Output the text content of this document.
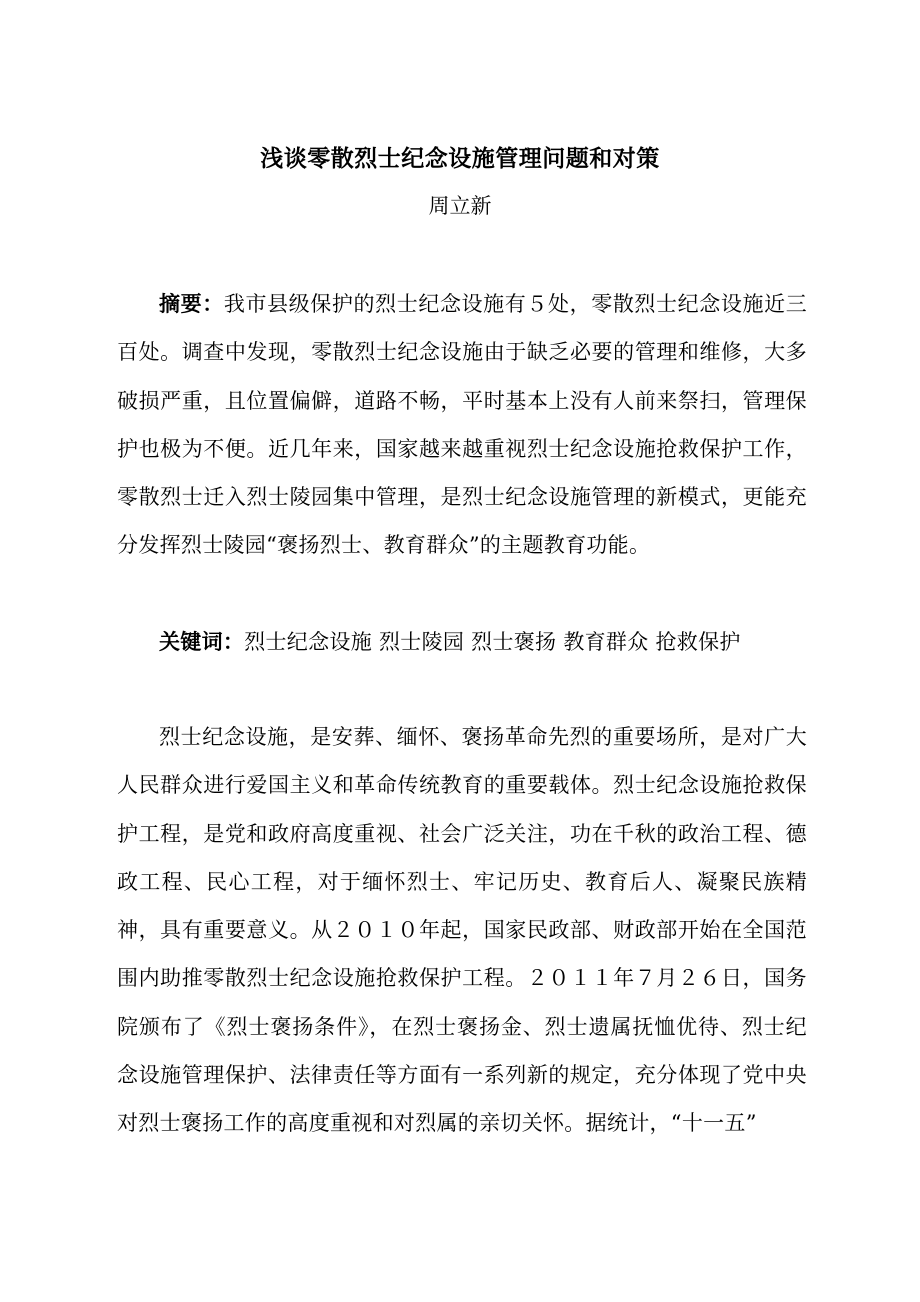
浅谈零散烈士纪念设施管理问题和对策
周立新

摘要：我市县级保护的烈士纪念设施有５处，零散烈士纪念设施近三百处。调查中发现，零散烈士纪念设施由于缺乏必要的管理和维修，大多破损严重，且位置偏僻，道路不畅，平时基本上没有人前来祭扫，管理保护也极为不便。近几年来，国家越来越重视烈士纪念设施抢救保护工作，零散烈士迁入烈士陵园集中管理，是烈士纪念设施管理的新模式，更能充分发挥烈士陵园“褒扬烈士、教育群众”的主题教育功能。

关键词：烈士纪念设施 烈士陵园 烈士褒扬 教育群众 抢救保护

烈士纪念设施，是安葬、缅怀、褒扬革命先烈的重要场所，是对广大人民群众进行爱国主义和革命传统教育的重要载体。烈士纪念设施抢救保护工程，是党和政府高度重视、社会广泛关注，功在千秋的政治工程、德政工程、民心工程，对于缅怀烈士、牢记历史、教育后人、凝聚民族精神，具有重要意义。从２０１０年起，国家民政部、财政部开始在全国范围内助推零散烈士纪念设施抢救保护工程。２０１１年７月２６日，国务院颁布了《烈士褒扬条件》，在烈士褒扬金、烈士遗属抚恤优待、烈士纪念设施管理保护、法律责任等方面有一系列新的规定，充分体现了党中央对烈士褒扬工作的高度重视和对烈属的亲切关怀。据统计，“十一五”
